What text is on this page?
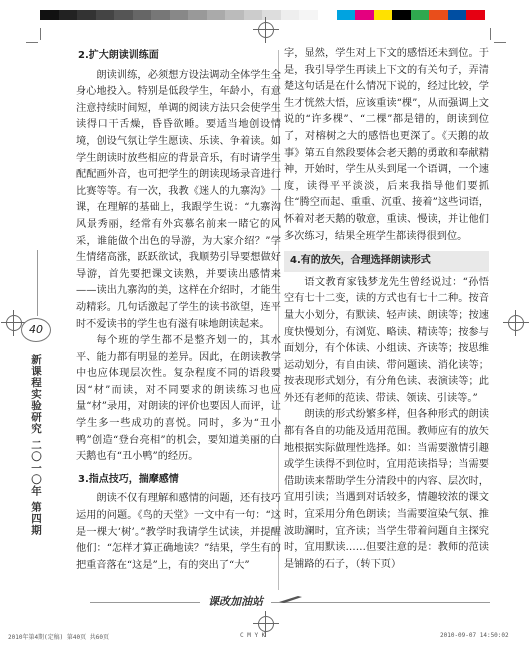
40
新课程实验研究 二〇一〇年 第四期
2.扩大朗读训练面

朗读训练，必须想方设法调动全体学生全身心地投入。特别是低段学生，年龄小，有意注意持续时间短，单调的阅读方法只会使学生读得口干舌燥，昏昏欲睡。要适当地创设情境，创设气氛让学生愿读、乐读、争着读。如学生朗读时放些相应的背景音乐，有时请学生配配画外音，也可把学生的朗读现场录音进行比赛等等。有一次，我教《迷人的九寨沟》一课，在理解的基础上，我跟学生说：“九寨沟风景秀丽，经常有外宾慕名前来一睹它的风采，谁能做个出色的导游，为大家介绍？”学生情绪高涨，跃跃欲试，我顺势引导要想做好导游，首先要把课文读熟，并要读出感情来——读出九寨沟的美，这样在介绍时，才能生动精彩。几句话激起了学生的读书欲望，连平时不爱读书的学生也有滋有味地朗读起来。

每个班的学生都不是整齐划一的，其水平、能力都有明显的差异。因此，在朗读教学中也应体现层次性。复杂程度不同的语段要因“材”而读，对不同要求的朗读练习也应量“材”录用，对朗读的评价也要因人而评，让学生多一些成功的喜悦。同时，多为“丑小鸭”创造“登台亮相”的机会，要知道美丽的白天鹅也有“丑小鸭”的经历。

3.指点技巧，揣摩感情

朗读不仅有理解和感情的问题，还有技巧运用的问题。《鸟的天堂》一文中有一句：“这是一棵大‘树’。”教学时我请学生试读，并提醒他们：“怎样才算正确地读？”结果，学生有的把重音落在“这是”上，有的突出了“大”

字，显然，学生对上下文的感悟还未到位。于是，我引导学生再读上下文的有关句子，弄清楚这句话是在什么情况下说的，经过比较，学生才恍然大悟，应该重读“棵”，从而强调上文说的“许多棵”、“二棵”都是错的，朗读到位了，对榕树之大的感悟也更深了。《天鹅的故事》第五自然段要体会老天鹅的勇敢和奉献精神，开始时，学生从头到尾一个语调，一个速度，读得平平淡淡，后来我指导他们要抓住“腾空而起、重重、沉重、接着”这些词语，怀着对老天鹅的敬意，重读、慢读，并让他们多次练习，结果全班学生都读得很到位。

4.有的放矢，合理选择朗读形式

语文教育家钱梦龙先生曾经说过：“孙悟空有七十二变，读的方式也有七十二种。按音量大小划分，有默读、轻声读、朗读等；按速度快慢划分，有浏览、略读、精读等；按参与面划分，有个体读、小组读、齐读等；按思维运动划分，有自由读、带问题读、消化读等；按表现形式划分，有分角色读、表演读等；此外还有老师的范读、带读、领读、引读等。”

朗读的形式纷繁多样，但各种形式的朗读都有各自的功能及适用范围。教师应有的放矢地根据实际做理性选择。如：当需要激情引趣或学生读得不到位时，宜用范读指导；当需要借助读来帮助学生分清段中的内容、层次时，宜用引读；当遇到对话较多，情趣较浓的课文时，宜采用分角色朗读；当需要渲染气氛、推波助澜时，宜齐读；当学生带着问题自主探究时，宜用默读……但要注意的是：教师的范读是铺路的石子，（转下页）

课改加油站
2010年第4期(定稿) 第40页 共60页	C M Y K	2010-09-07 14:50:02
